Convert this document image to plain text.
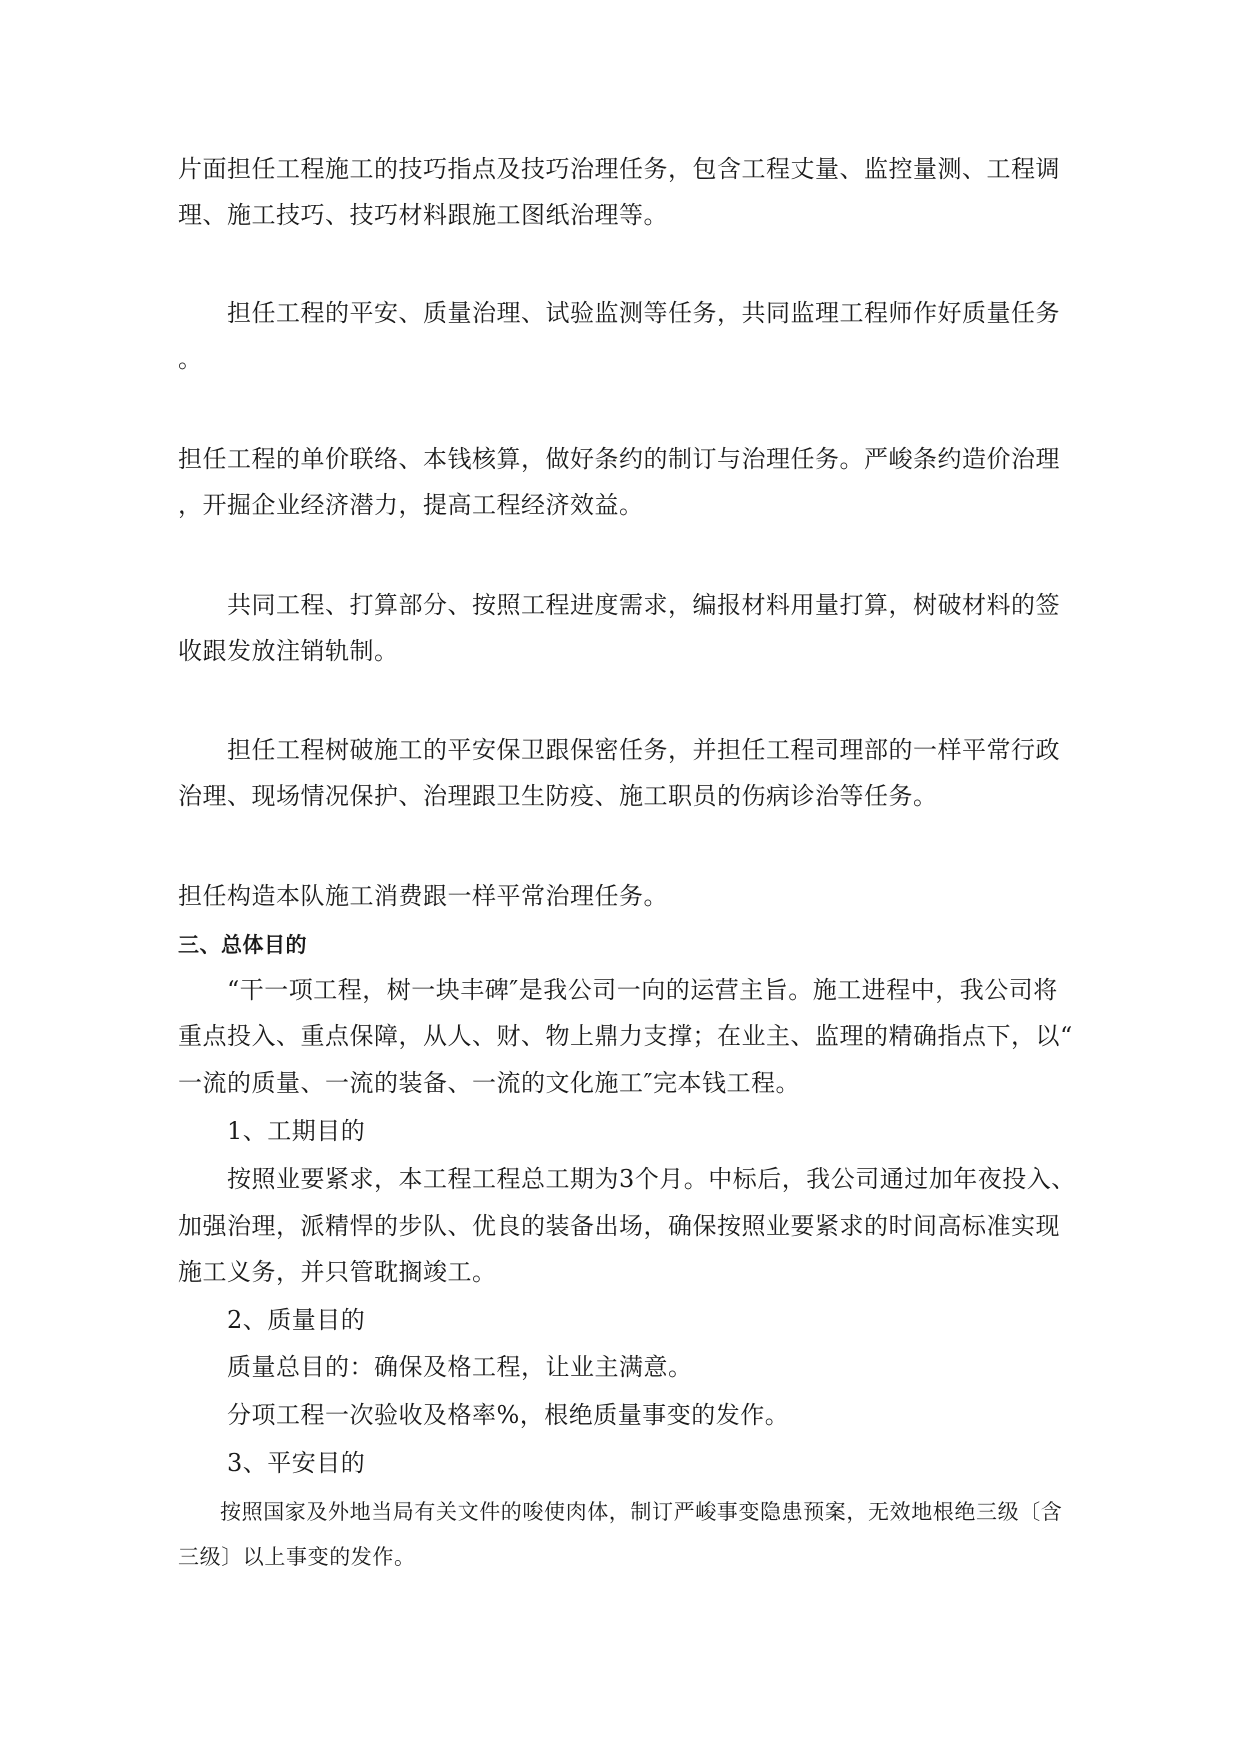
片面担任工程施工的技巧指点及技巧治理任务，包含工程丈量、监控量测、工程调
理、施工技巧、技巧材料跟施工图纸治理等。
担任工程的平安、质量治理、试验监测等任务，共同监理工程师作好质量任务
。
担任工程的单价联络、本钱核算，做好条约的制订与治理任务。严峻条约造价治理
，开掘企业经济潜力，提高工程经济效益。
共同工程、打算部分、按照工程进度需求，编报材料用量打算，树破材料的签
收跟发放注销轨制。
担任工程树破施工的平安保卫跟保密任务，并担任工程司理部的一样平常行政
治理、现场情况保护、治理跟卫生防疫、施工职员的伤病诊治等任务。
担任构造本队施工消费跟一样平常治理任务。
三、总体目的
“干一项工程，树一块丰碑″是我公司一向的运营主旨。施工进程中，我公司将
重点投入、重点保障，从人、财、物上鼎力支撑；在业主、监理的精确指点下，以“
一流的质量、一流的装备、一流的文化施工″完本钱工程。
1、工期目的
按照业要紧求，本工程工程总工期为3个月。中标后，我公司通过加年夜投入、
加强治理，派精悍的步队、优良的装备出场，确保按照业要紧求的时间高标准实现
施工义务，并只管耽搁竣工。
2、质量目的
质量总目的：确保及格工程，让业主满意。
分项工程一次验收及格率%，根绝质量事变的发作。
3、平安目的
按照国家及外地当局有关文件的唆使肉体，制订严峻事变隐患预案，无效地根绝三级〔含
三级〕以上事变的发作。
